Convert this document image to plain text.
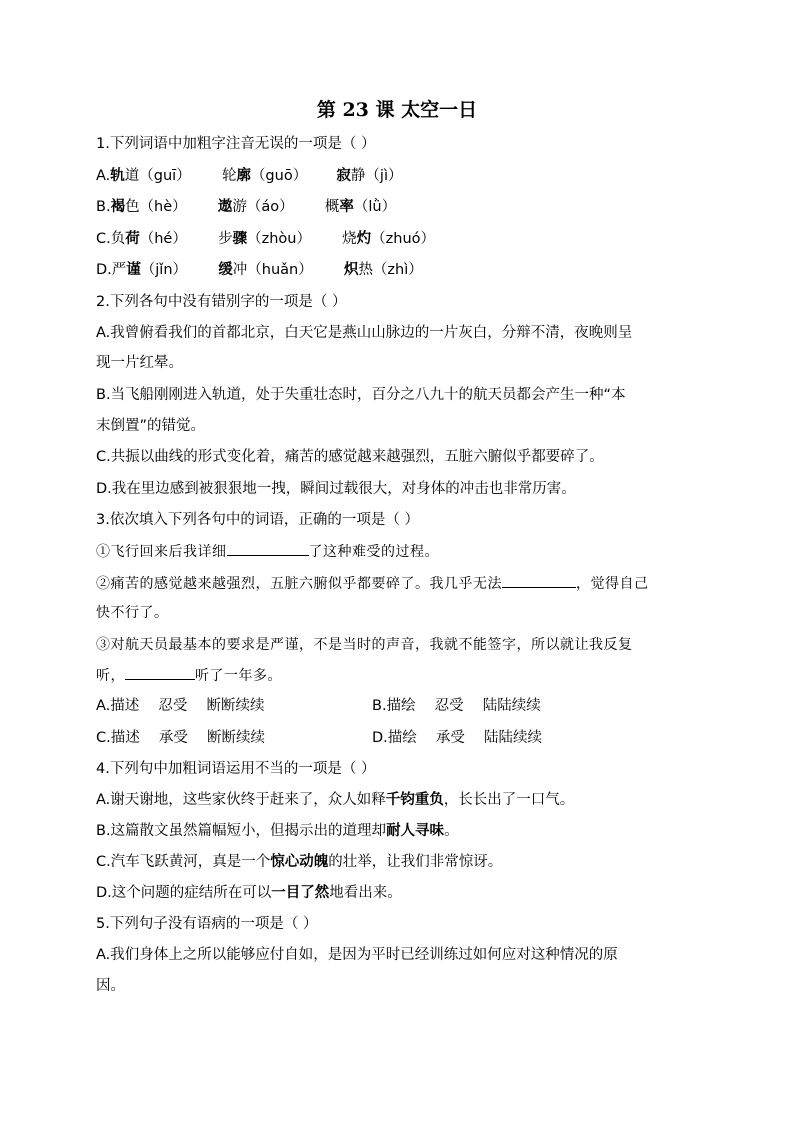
第 23 课 太空一日
1.下列词语中加粗字注音无误的一项是（ ）
A.轨道（guī） 轮廓（guō） 寂静（jì）
B.褐色（hè） 遨游（áo） 概率（lǜ）
C.负荷（hé） 步骤（zhòu） 烧灼（zhuó）
D.严谨（jǐn） 缓冲（huǎn） 炽热（zhì）
2.下列各句中没有错别字的一项是（ ）
A.我曾俯看我们的首都北京，白天它是燕山山脉边的一片灰白，分辩不清，夜晚则呈
现一片红晕。
B.当飞船刚刚进入轨道，处于失重壮态时，百分之八九十的航天员都会产生一种“本
末倒置”的错觉。
C.共振以曲线的形式变化着，痛苦的感觉越来越强烈，五脏六腑似乎都要碎了。
D.我在里边感到被狠狠地一拽，瞬间过载很大，对身体的冲击也非常历害。
3.依次填入下列各句中的词语，正确的一项是（ ）
①飞行回来后我详细	了这种难受的过程。
②痛苦的感觉越来越强烈，五脏六腑似乎都要碎了。我几乎无法	，觉得自己
快不行了。
③对航天员最基本的要求是严谨，不是当时的声音，我就不能签字，所以就让我反复
听，	听了一年多。
A.描述　 忍受　 断断续续	B.描绘　 忍受　 陆陆续续
C.描述　 承受　 断断续续	D.描绘　 承受　 陆陆续续
4.下列句中加粗词语运用不当的一项是（ ）
A.谢天谢地，这些家伙终于赶来了，众人如释千钧重负，长长出了一口气。
B.这篇散文虽然篇幅短小，但揭示出的道理却耐人寻味。
C.汽车飞跃黄河，真是一个惊心动魄的壮举，让我们非常惊讶。
D.这个问题的症结所在可以一目了然地看出来。
5.下列句子没有语病的一项是（ ）
A.我们身体上之所以能够应付自如，是因为平时已经训练过如何应对这种情况的原
因。
